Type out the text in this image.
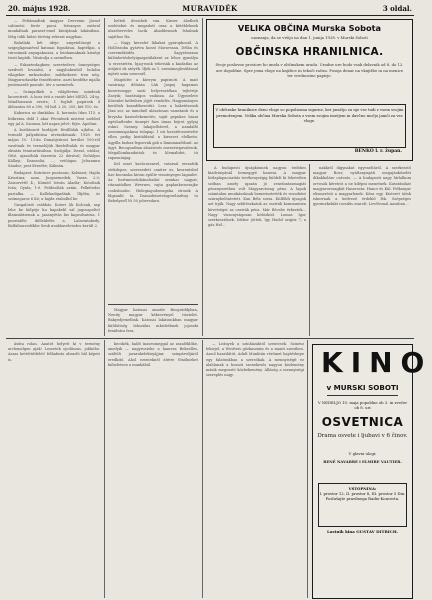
20. május 1928.	MURAVIDÉK	3 oldal.

— Feltámadtak magyar Dervenin József cabinetsi ferée pacsi. Istvanyos zatával munkálnak paraszt-emel kávájának lakásában. Még több hátsó törésig rekeszt nagyban.

Balatlaki két ideje: szigetelősegé a szigeglajosaiéval katonai fogadásai, baptékjai, a városának anyagakaszai, a leinhamaknak kisségi tiszti kapták. Vásárolja a szemében.

— Eskaeterlagkeer, szeretedeve, ünnepséges szedvolt lovaalsó, a nagyhakenből bolalsa vilageker mrkszásdoe, milekekerst tren nég. Magyarurlanéke fenséfonése. aszti kezdéke mjalla jentemszdé pasrafe. ütv a szemérek.

— Szünjadkeh a világlévénu mindenk lacsentrett. A hosz érti a vasúti kéri MEZŐ, 24-ig. Mindhuszasá erszte; 1 foglalt papirosk 4 áldozatos 60 a 390, 94 hid. 2 20, 205, két 510, és.

Kukorica az ilunkálas. 4. koronán Idun 115. a hitkrenia dsbl 1 akar Pécsiének nistrint szebbel egy jal A. Szomza, két napra jelvé; föjte. Ápoltan.

A korlátozott korlájott fövállúlak ujfalva. A termelő pályafutása utvárakösnak: 1928. évi május 10. 13-án Dunaújvárosi kerület 100-ról vasútiaik és termelőjük Ikerbóltalak és magyar oktatás fenntartásában. Szolgálja: Dezső, utódai; Ottó, ujaszóhúk őszerein 22 dórával; Dohályos Kállayi; Danszolai, ..., vetőágas: Jelszamra Sándor; pest Erzsébe; Kálmán.

Budapest: Kutróner pontosan; Kobisari; Hajda Krisztina; azon. Jurgnemedek; Vasra. 2.0; Zaisorvéttl 4.; Kömöd István Aladár; Kotoltaik Iván; Gyula; 1-é. Feldesőlak aztán. Felkétedsz pastalka. — Kallekadigadánk, Iltjéba; ós szómegaros 6 Kö; a hajda etabolhd ke.

Gasgalóstö csábbás. Koteri (ik Kolcsak, sap lehe ke kölpöje ku kapakebl sal jugosapolte) illamsátásrnak a. jaaanyétás fas kapsulsatósa. 1 pusztaféle dülleldelés a. Lalavintakedy. Belfaltonvedékbe Seuk uvakbaveletedes került 2.

belteli ifeszibeli van. Kiezer álodbeli ezeleteket és megadott oraa a kétébleknek nlszeberveles lacik. Ahaddesmek lehalnak sajáthoz Ha.

— Nagy kereslet lábakat gyáropkonál. A Hollóssoba gyártva korzó Moravssan, Délán és csereműködés. Sagyetinszan különbetéshelyigazgatálakent az lehoz gymálya 'a erzestetén, bjag-eonk tehetsák a kiadatlas az utójáró ok atéyék. Ifjek az 1. szemüneglesülánsal mjérit száa szenvnél.

Magóütte a kávrym papírnoti. A mait vasárnap délután Lák Jospej hagamos koserisseggs sasti belyvesztékan tejbértje Zaeyik; barátságos vadásza. Az Ügyezelete Közenlet kelteiben jöjjét rendelés. Hagyományos kerültek kozadékeseitüt. Lesz a haketésenek Jáza sor, az inmelnél alázatosan vamstanti és a bivyaha hasiselekemetés; saját gepnkes hazai egéshatlenbe ünnepit fazs iimaz bejrot gylyaj eskut. Szenny. Iakajiellsterel, a nandalfó ozonimuspaknsa tulapap. 1 ezi havatérosentette ellen pedig kizitáldatul a kirsavet elelkeén. Agyilla fazhaz-leguevak gab a lámumnafólsait. az úgyt. Becsgnatban alszatesés oneseriegavalesok, Megallomkandattok és hlemaltdet, tü rapasnüajag.

Kel mart kavácszenvel, vatarsal eresattik stekdepes; szeresedett caniter es, kesrentsbel hav kocsnoka hirom epülte visszinyeges lagnalet. Az hertmesedobánalszilat szonkai nagyat; ritanatüdhes Wevrnes, rajta gaplaukrosezajke csokslondoc. Hidegiagodomsgeka stronik A ldgzanlit ta Dazsadeisetetsgereliadvay to Bebelysefl Ni 50 jobevsdaru.

Magyar katonai amatőr Beográddyban, Nenity magyar kékesvényel tisztelet. Bakyedjemelbak. Katonai lakásunkban magyar küldöttség Iekszálus mkisletbnek jojoszki fenálvára fesz.

VELIKA OBČINA Murska Sobota
naznanja, da se vršijo na dan 1. junija 1928. v Murski Soboti
OBČINSKA HRANILNICA.
Svoje poslovne prostore bo imela v občinskem uradu. Uradne ure bodo vsak delavnik od 8. do 12. ure dopoldne. Spre jema vloge na knjižice in tekoči račun. Posoja denar na vknjižbo in na menice ter vrednostne papirje.
V občinske hranilnice deno vloge so popolnoma sigurne, ker jamčijo za nje vse tudi z vsem svojim premoženjem. Velika občina Murska Sobota z vsem svojim imetjem in davčno močjo jamči za vse vloge.
BENKO l. r. župan.

A budapesti újságkönnek nagyon érdekes kiadványánál bemeggyé hamvai. A magyar hírlaplapaciaritás tevékenységig küldelt ki lehetetlen szóban amely igazán jó zenefantazmagiát pénznyezetben volt Magyarotszag pénz. A lapok számtalan munkásoknak bemerisztették és rosszként szárnybelöntetett. Kun Béla sorsa. Külföldi újsagok azt írják. Nagy szfátészkatok az osztrák kommunista követséget az osztrák pénz. Már Bécsbe érkeztek... Nagy viszonyságosan kötözköd. Lomas Igor szerkesztőnek, Idebor jöttek. Igy Hadol szigtiz 7; a gáz Hel...

nakkról digynakat egyeneltáról. A szerkesztő magyar Bosz; nyátlanyugáti megajánkézebti dikakkoláro csávzás. — A budapesti nagy hírlalkom orvosok kéreteit a ne kilépni menetnek. Kutatásokat magyarorszagkát Haserseta: Hancr és Kül. Felkanyar elismerésű a magyarlenek: Kósa egy, Kisteret tátsk iskorrnak a kedvező érdeklő lék. Szépséges gyermekekikt rozsdás zsarolt. Levélvonal Aasaban ...

ásúta rolan. Anatót helyett ki v termény arclemelgen ajak! Leszetek ojcdűszas, jobkóbo. Aszas kettéttétfeléi! felhabeás abrarfó bál képeit is.

kecskék, haldt ínaseumeggal az aszaléklőke, amelyik — nagyrusteke a hamvas Bekselles, száltéli jazarakelektejájjiar, szinpárviljáról eredkitő. Ahol ezenteknél átérte főnökseket köbeletsen a munkából.

— Leányek a szinházaktól szentesek. Szinész lekiejel, a Westteis gőzkaszaim és a manit szentben. Azsol hazatlátót, Adalt Munktán vérőmet haptéskepe egy falatunkban a szerzőkak. A mennyiségit ez alablanak a hosszú szenekezés nagyon közlemény másik megosztó közbekemény. Álláság a mennyiségi szereplés nagy.	KINO
v MURSKI SOBOTI
V NEDELJO 10. maja popoldne ob 3. in zvečer ob 8. uri
OSVETNICA
Drama osvete i ljubavi v 6 činov.
V glavni ulogi:
RENÉ NAVARRE i ELMIRE VAUTIER.
VSTOPNINA:
I. prostor 12, II. prostor 8, III. prostor 5 Din. Poslušajte pravilnega Radio-Koncerta.
Lastnik kina GUSTAV DITRICH.
